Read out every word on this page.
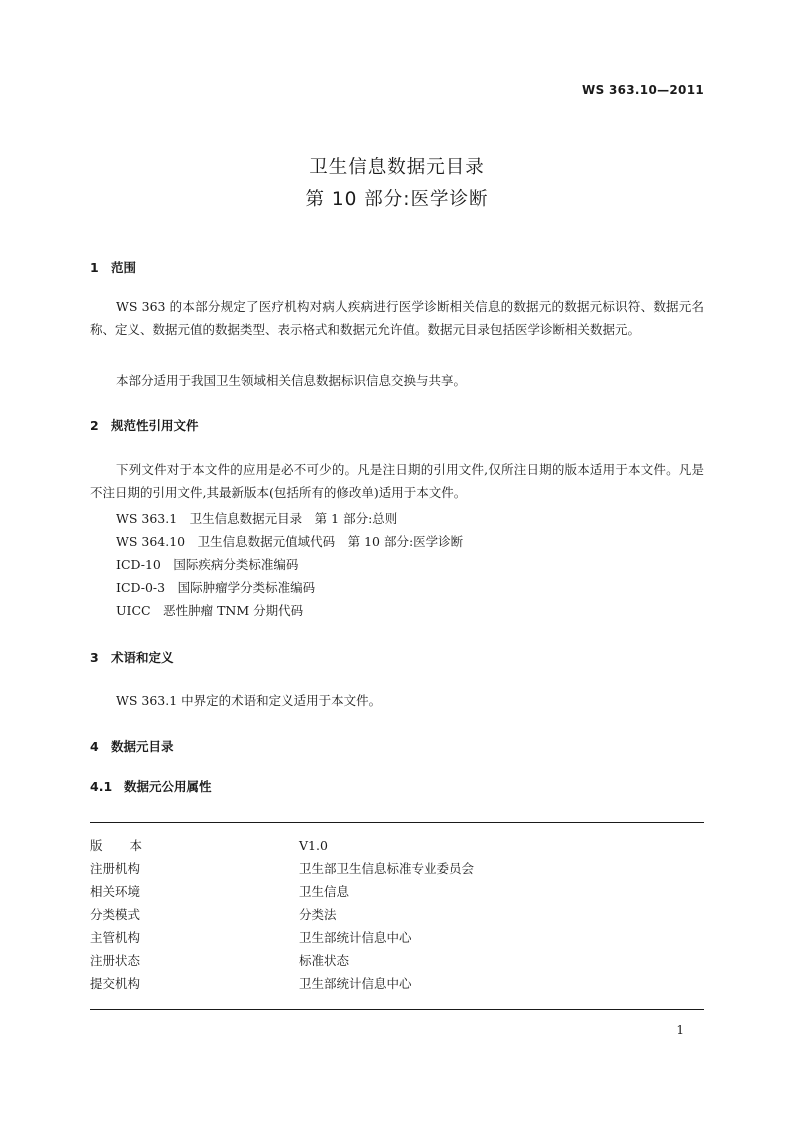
WS 363.10—2011
卫生信息数据元目录
第 10 部分:医学诊断
1 范围

WS 363 的本部分规定了医疗机构对病人疾病进行医学诊断相关信息的数据元的数据元标识符、数据元名称、定义、数据元值的数据类型、表示格式和数据元允许值。数据元目录包括医学诊断相关数据元。

本部分适用于我国卫生领域相关信息数据标识信息交换与共享。

2 规范性引用文件

下列文件对于本文件的应用是必不可少的。凡是注日期的引用文件,仅所注日期的版本适用于本文件。凡是不注日期的引用文件,其最新版本(包括所有的修改单)适用于本文件。

WS 363.1　卫生信息数据元目录　第 1 部分:总则
WS 364.10　卫生信息数据元值域代码　第 10 部分:医学诊断
ICD-10　国际疾病分类标准编码
ICD-0-3　国际肿瘤学分类标准编码
UICC　恶性肿瘤 TNM 分期代码
3 术语和定义

WS 363.1 中界定的术语和定义适用于本文件。

4 数据元目录
4.1 数据元公用属性
版本	V1.0
注册机构	卫生部卫生信息标准专业委员会
相关环境	卫生信息
分类模式	分类法
主管机构	卫生部统计信息中心
注册状态	标准状态
提交机构	卫生部统计信息中心
1
